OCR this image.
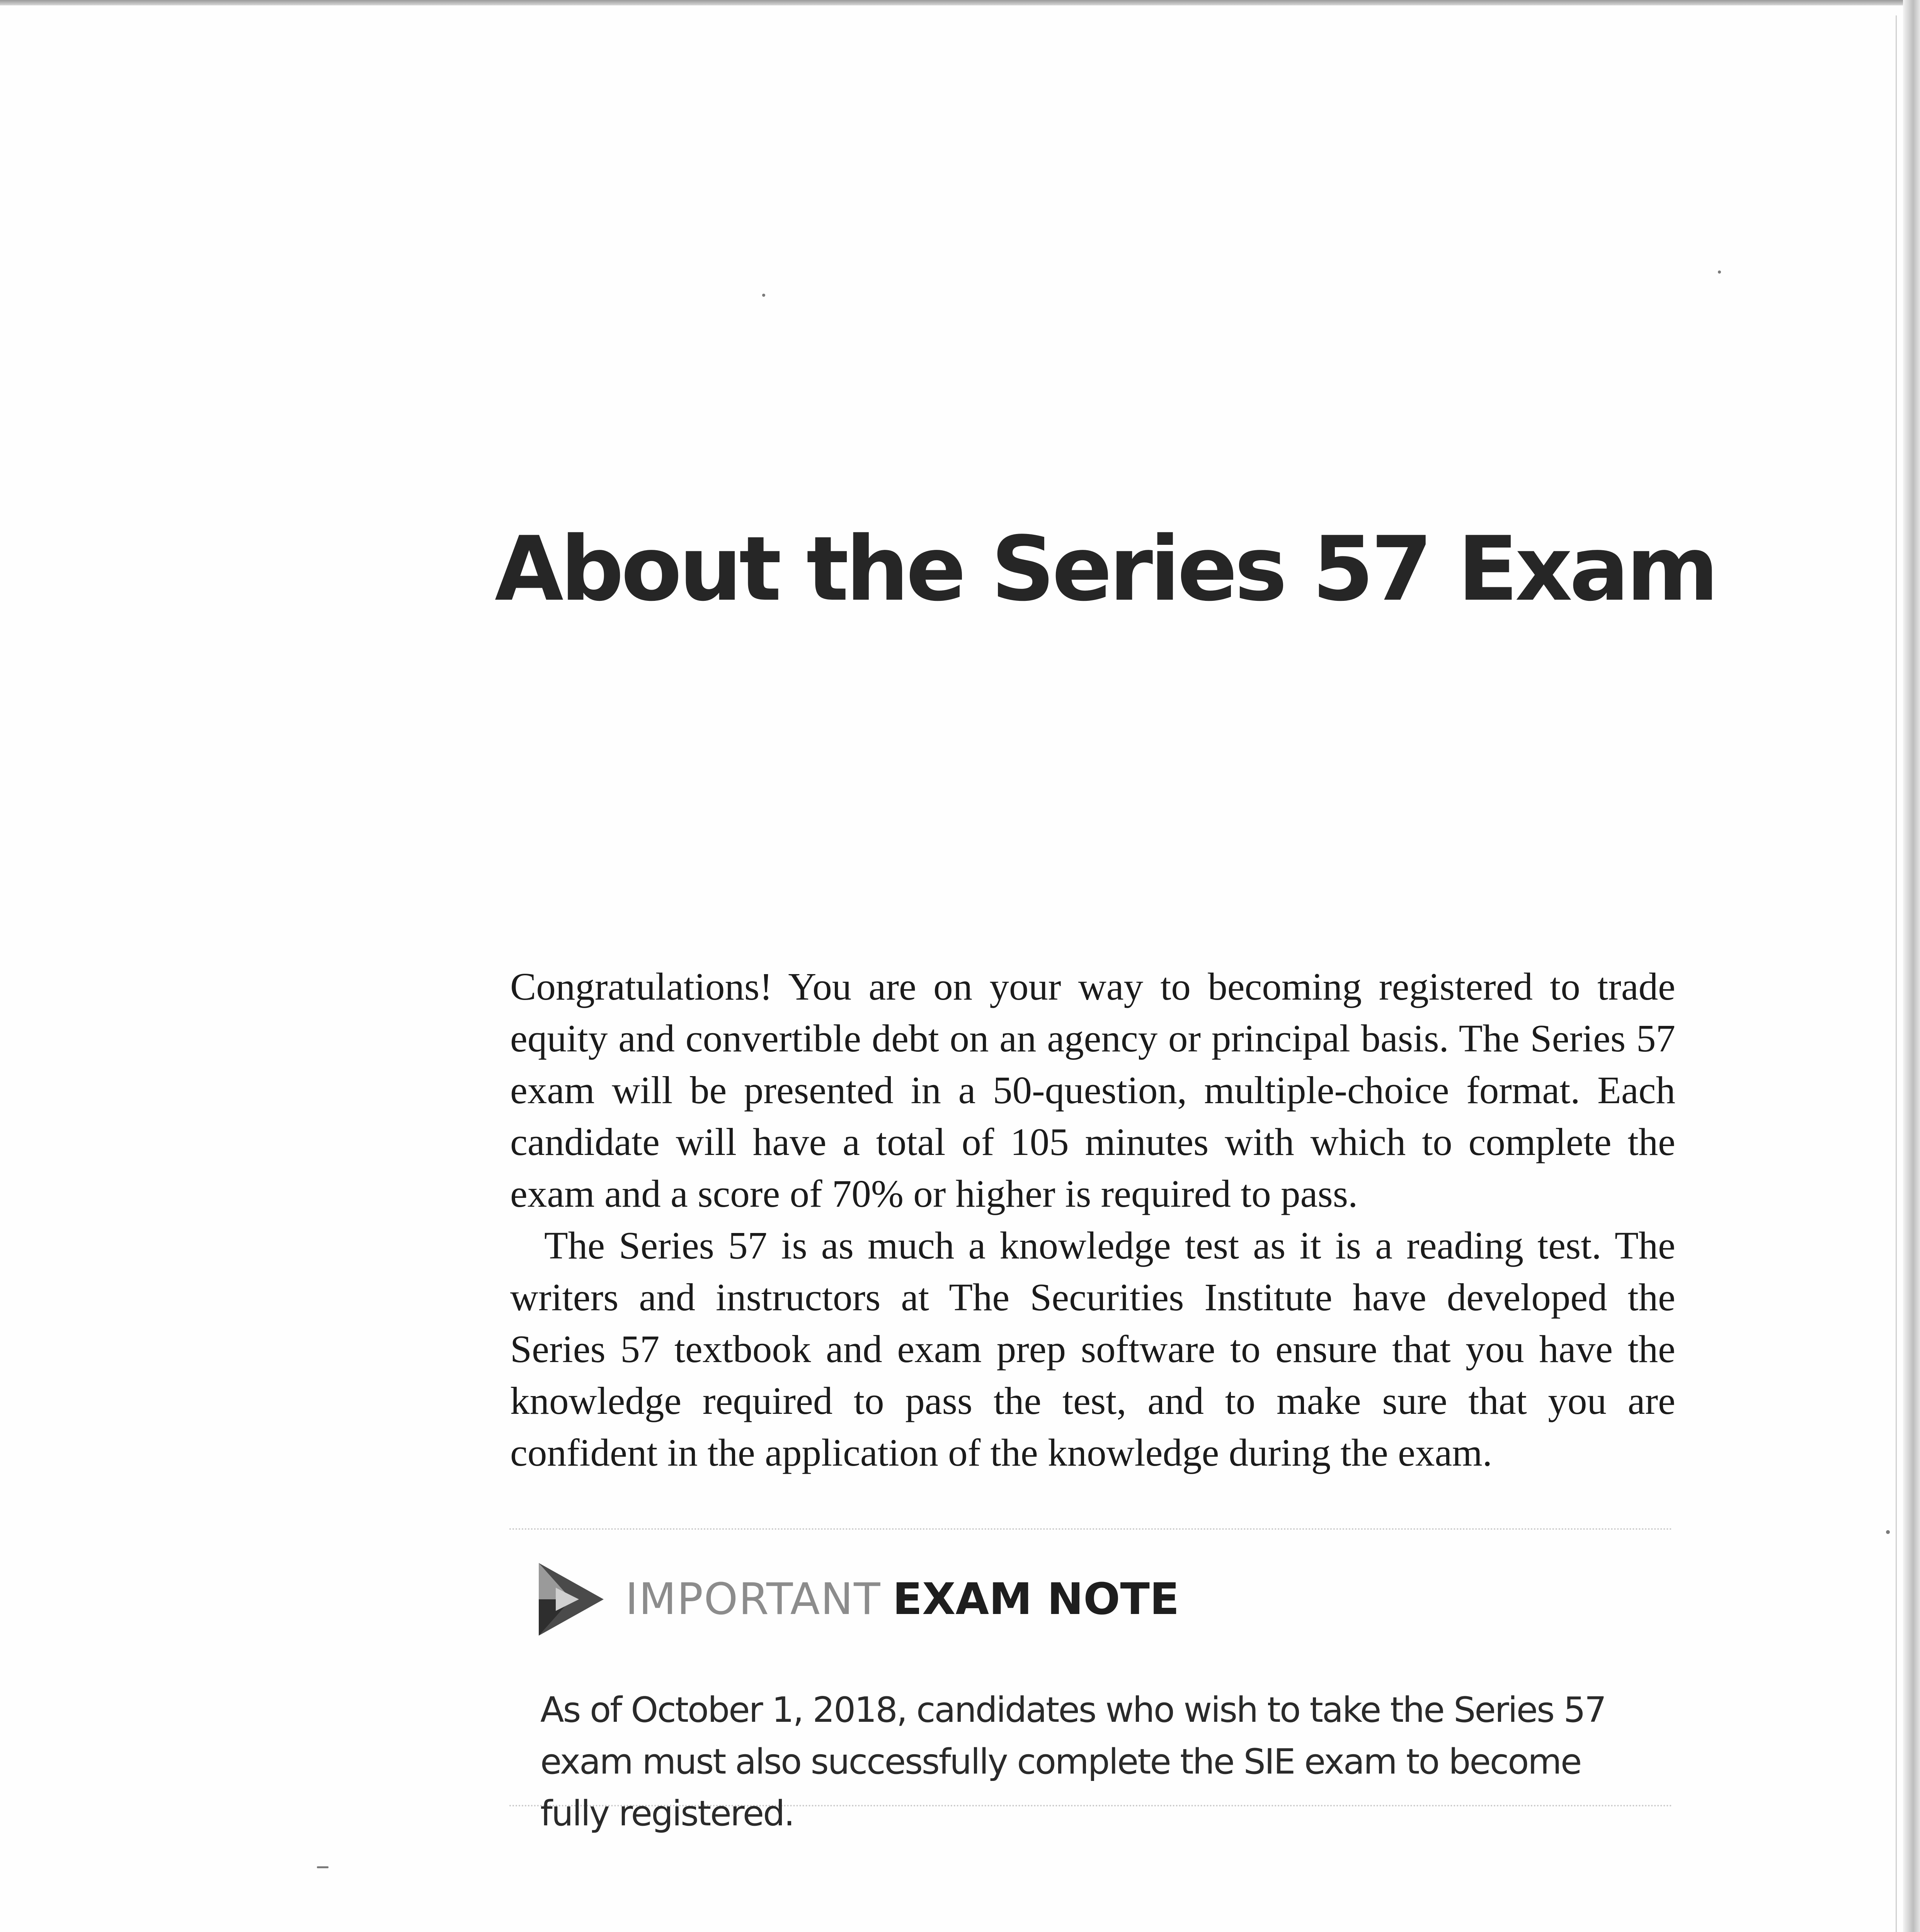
About the Series 57 Exam

Congratulations! You are on your way to becoming registered to trade equity and convertible debt on an agency or principal basis. The Series 57 exam will be presented in a 50-question, multiple-choice format. Each candidate will have a total of 105 minutes with which to complete the exam and a score of 70% or higher is required to pass.

The Series 57 is as much a knowledge test as it is a reading test. The writers and instructors at The Securities Institute have developed the Series 57 textbook and exam prep software to ensure that you have the knowledge required to pass the test, and to make sure that you are confident in the application of the knowledge during the exam.

IMPORTANT EXAM NOTE

As of October 1, 2018, candidates who wish to take the Series 57 exam must also successfully complete the SIE exam to become fully registered.
